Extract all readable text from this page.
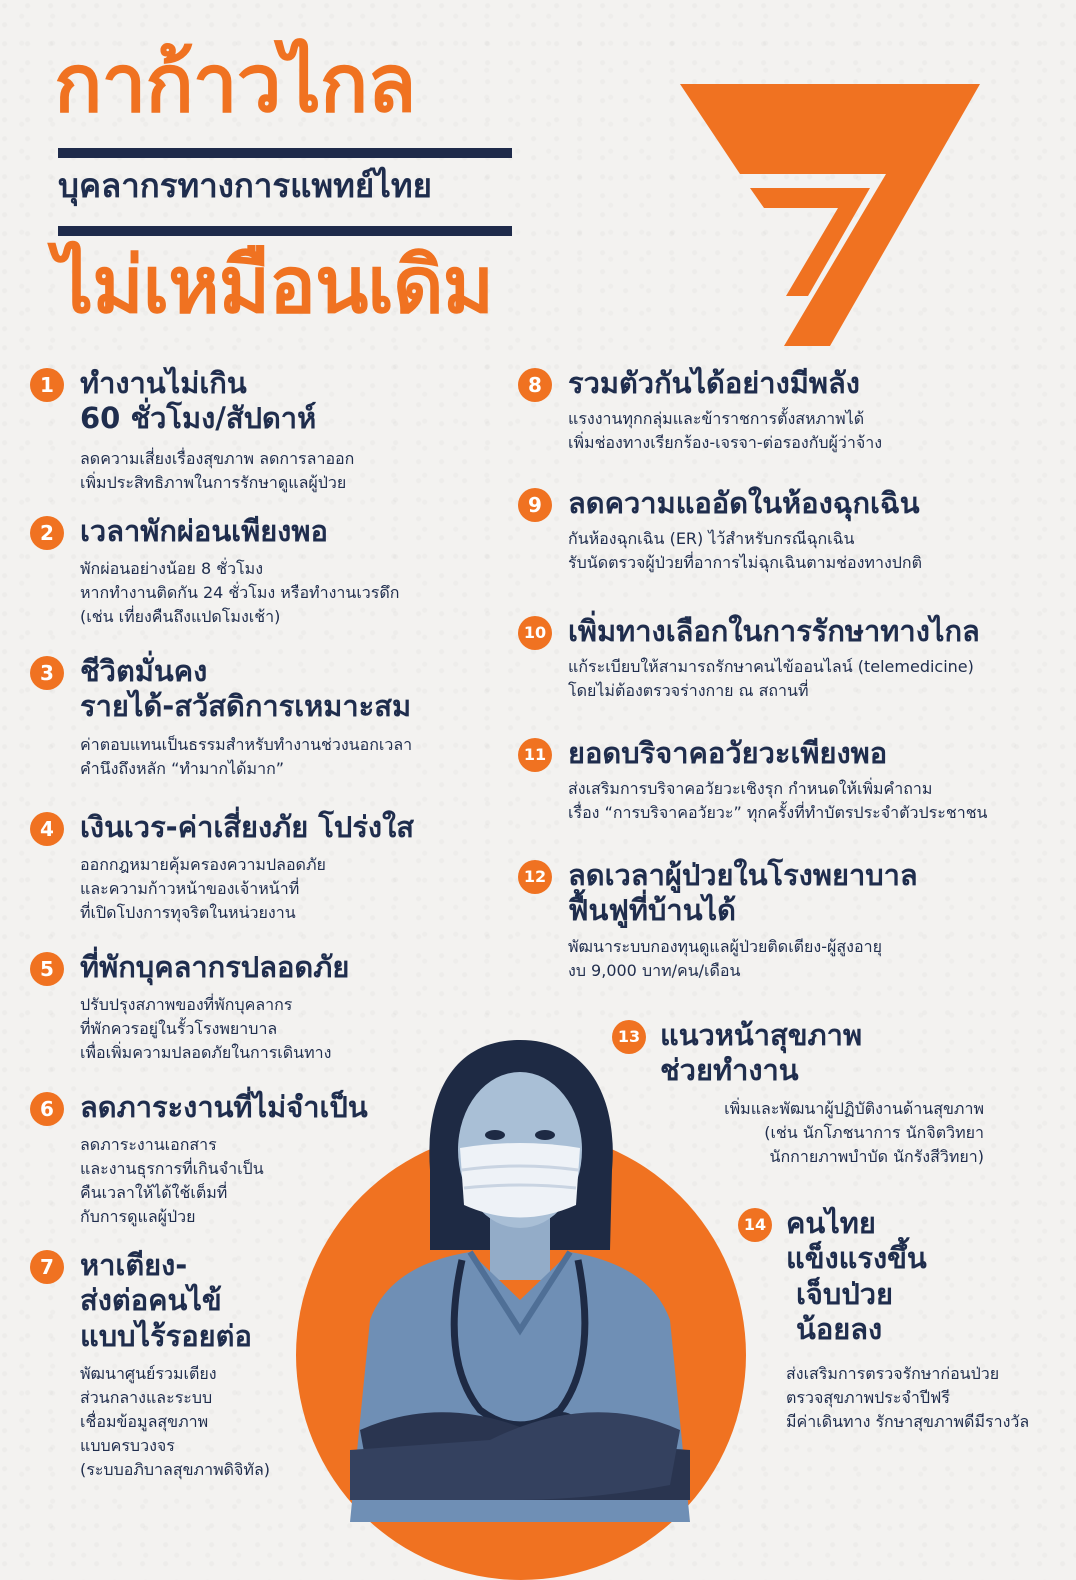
กาก้าวไกล
บุคลากรทางการแพทย์ไทย
ไม่เหมือนเดิม
1 ทำงานไม่เกิน

60 ชั่วโมง/สัปดาห์

ลดความเสี่ยงเรื่องสุขภาพ ลดการลาออก

เพิ่มประสิทธิภาพในการรักษาดูแลผู้ป่วย

2 เวลาพักผ่อนเพียงพอ

พักผ่อนอย่างน้อย 8 ชั่วโมง

หากทำงานติดกัน 24 ชั่วโมง หรือทำงานเวรดึก

(เช่น เที่ยงคืนถึงแปดโมงเช้า)

3 ชีวิตมั่นคง

รายได้-สวัสดิการเหมาะสม

ค่าตอบแทนเป็นธรรมสำหรับทำงานช่วงนอกเวลา

คำนึงถึงหลัก “ทำมากได้มาก”

4 เงินเวร-ค่าเสี่ยงภัย โปร่งใส

ออกกฎหมายคุ้มครองความปลอดภัย

และความก้าวหน้าของเจ้าหน้าที่

ที่เปิดโปงการทุจริตในหน่วยงาน

5 ที่พักบุคลากรปลอดภัย

ปรับปรุงสภาพของที่พักบุคลากร

ที่พักควรอยู่ในรั้วโรงพยาบาล

เพื่อเพิ่มความปลอดภัยในการเดินทาง

6 ลดภาระงานที่ไม่จำเป็น

ลดภาระงานเอกสาร

และงานธุรการที่เกินจำเป็น

คืนเวลาให้ได้ใช้เต็มที่

กับการดูแลผู้ป่วย

7 หาเตียง-

ส่งต่อคนไข้

แบบไร้รอยต่อ

พัฒนาศูนย์รวมเตียง

ส่วนกลางและระบบ

เชื่อมข้อมูลสุขภาพ

แบบครบวงจร

(ระบบอภิบาลสุขภาพดิจิทัล)

8 รวมตัวกันได้อย่างมีพลัง

แรงงานทุกกลุ่มและข้าราชการตั้งสหภาพได้

เพิ่มช่องทางเรียกร้อง-เจรจา-ต่อรองกับผู้ว่าจ้าง

9 ลดความแออัดในห้องฉุกเฉิน

กันห้องฉุกเฉิน (ER) ไว้สำหรับกรณีฉุกเฉิน

รับนัดตรวจผู้ป่วยที่อาการไม่ฉุกเฉินตามช่องทางปกติ

10 เพิ่มทางเลือกในการรักษาทางไกล

แก้ระเบียบให้สามารถรักษาคนไข้ออนไลน์ (telemedicine)

โดยไม่ต้องตรวจร่างกาย ณ สถานที่

11 ยอดบริจาคอวัยวะเพียงพอ

ส่งเสริมการบริจาคอวัยวะเชิงรุก กำหนดให้เพิ่มคำถาม

เรื่อง “การบริจาคอวัยวะ” ทุกครั้งที่ทำบัตรประจำตัวประชาชน

12 ลดเวลาผู้ป่วยในโรงพยาบาล

ฟื้นฟูที่บ้านได้

พัฒนาระบบกองทุนดูแลผู้ป่วยติดเตียง-ผู้สูงอายุ

งบ 9,000 บาท/คน/เดือน

13 แนวหน้าสุขภาพ

ช่วยทำงาน

เพิ่มและพัฒนาผู้ปฏิบัติงานด้านสุขภาพ

(เช่น นักโภชนาการ นักจิตวิทยา

นักกายภาพบำบัด นักรังสีวิทยา)

14 คนไทย

แข็งแรงขึ้น

เจ็บป่วย

น้อยลง

ส่งเสริมการตรวจรักษาก่อนป่วย

ตรวจสุขภาพประจำปีฟรี

มีค่าเดินทาง รักษาสุขภาพดีมีรางวัล
